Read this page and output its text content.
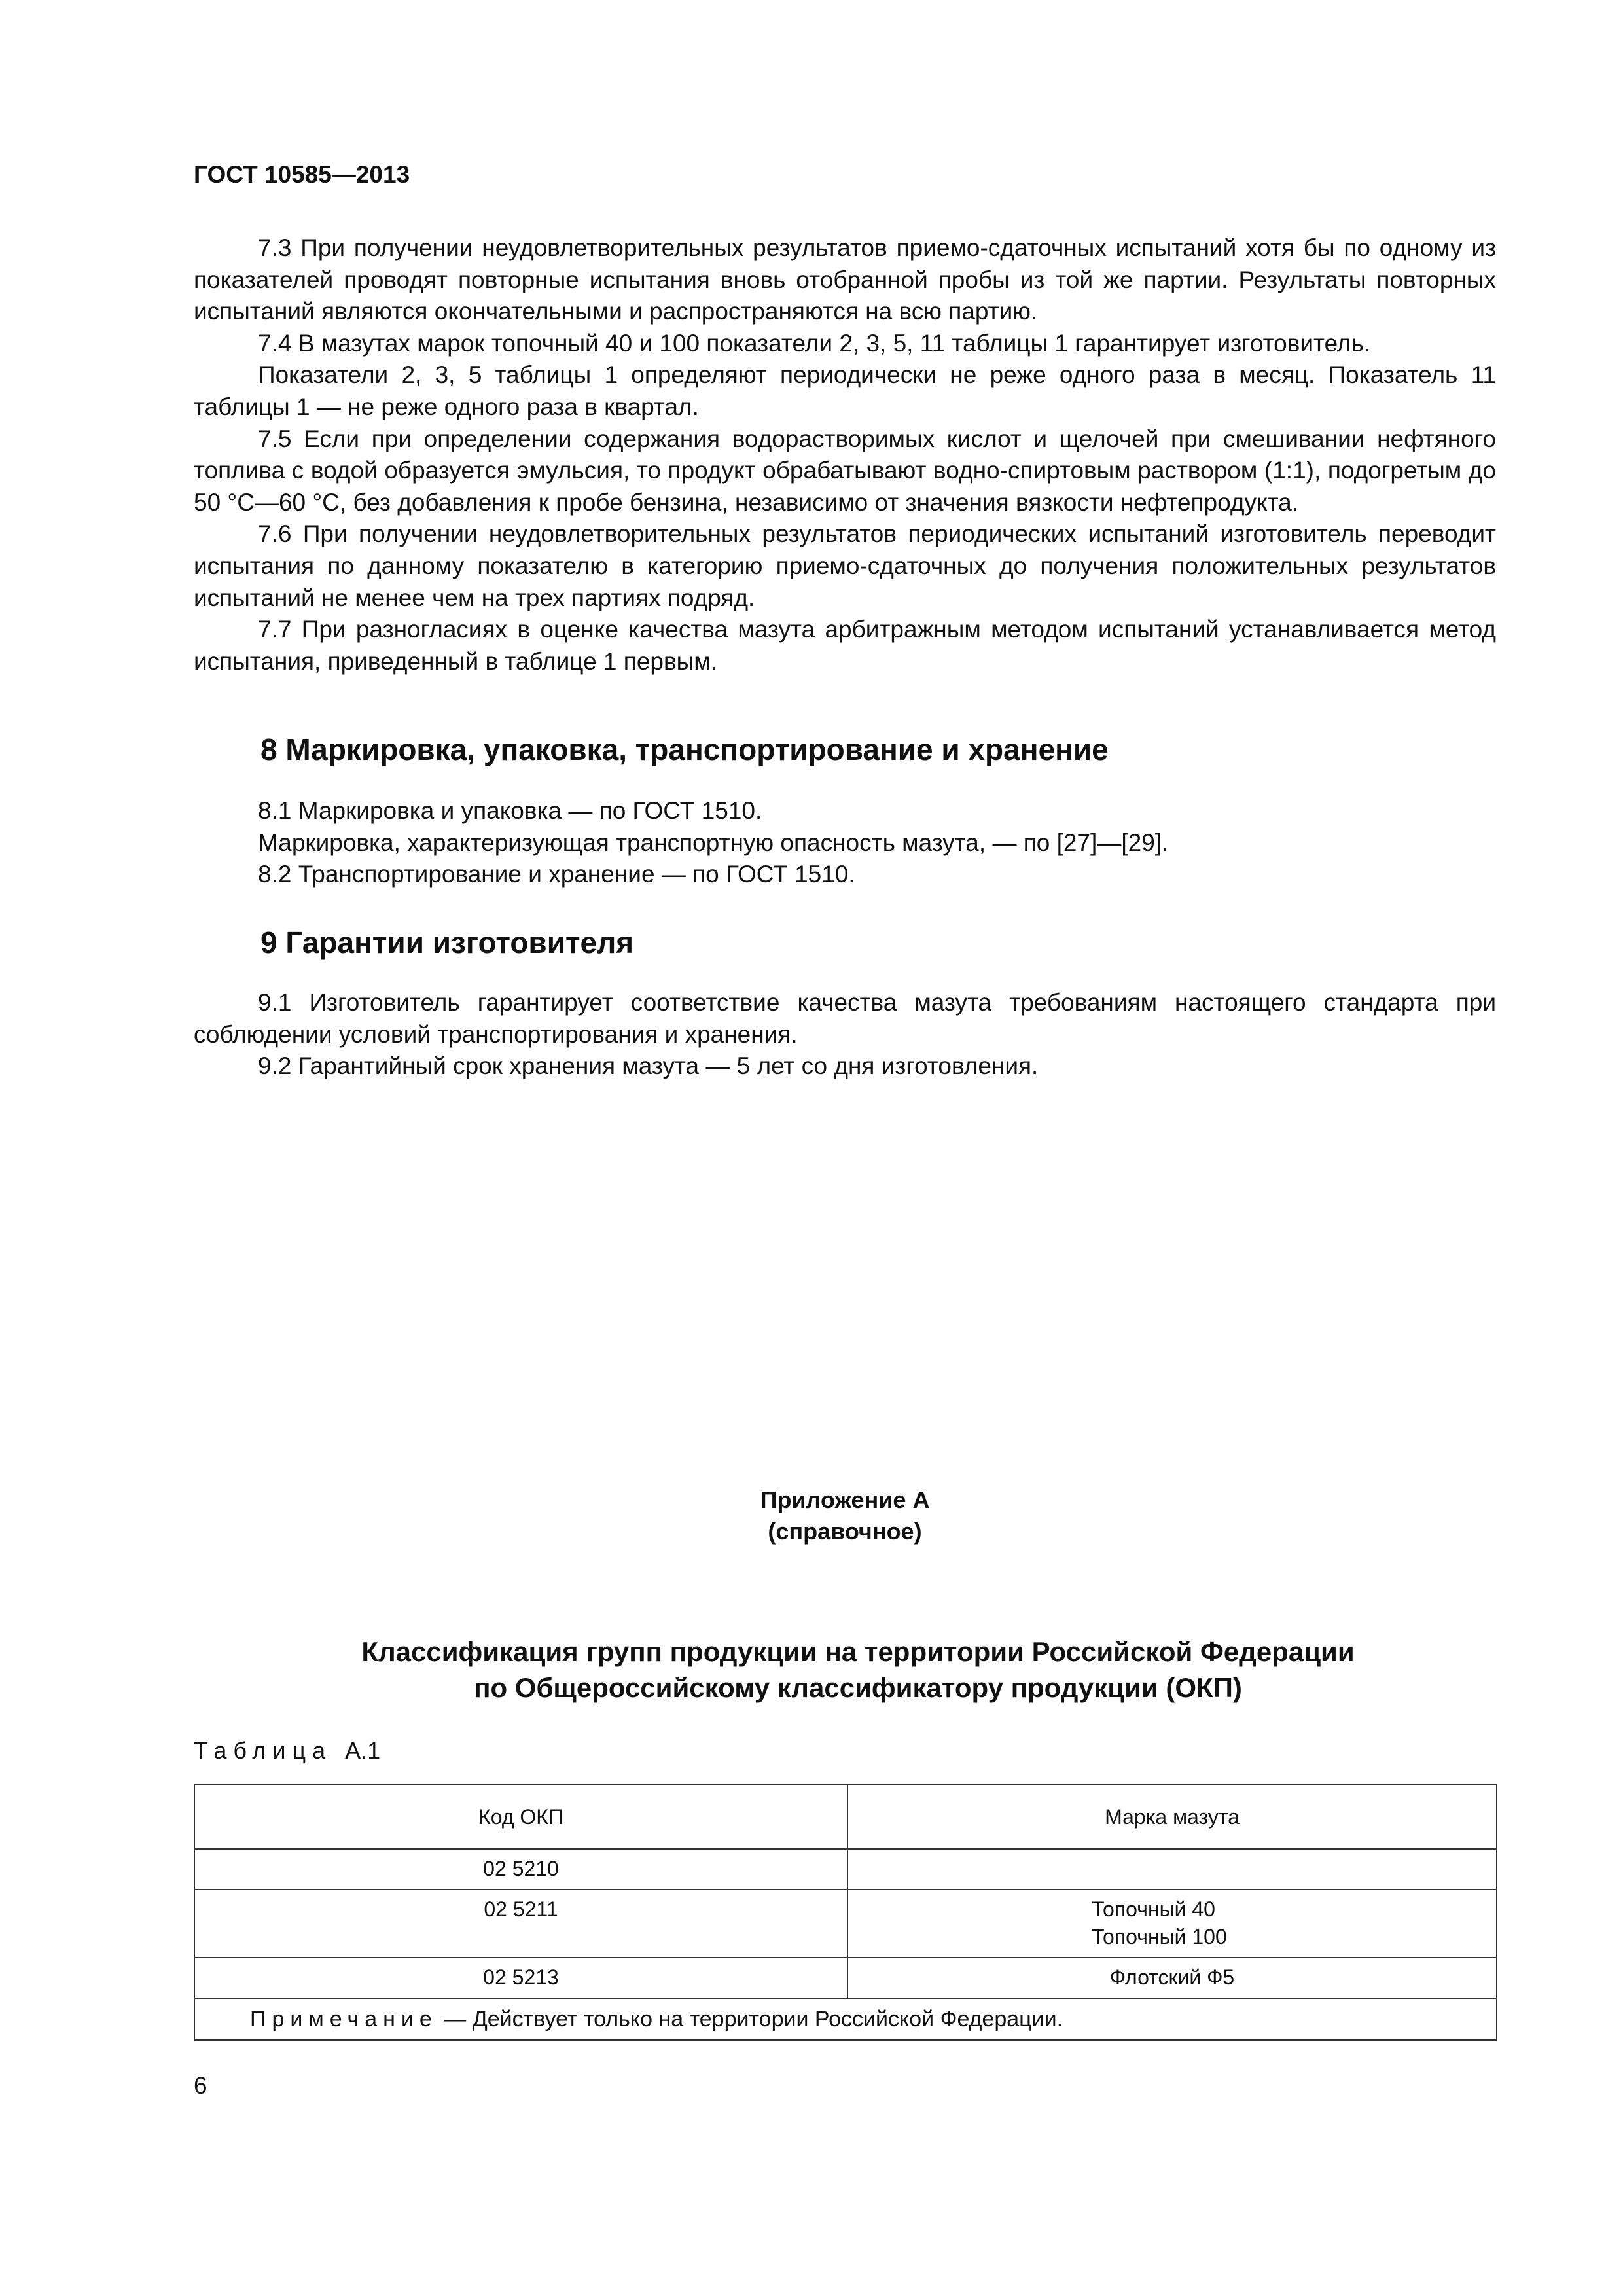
ГОСТ 10585—2013

7.3 При получении неудовлетворительных результатов приемо-сдаточных испытаний хотя бы по одному из показателей проводят повторные испытания вновь отобранной пробы из той же партии. Результаты повторных испытаний являются окончательными и распространяются на всю партию.

7.4 В мазутах марок топочный 40 и 100 показатели 2, 3, 5, 11 таблицы 1 гарантирует изготовитель.

Показатели 2, 3, 5 таблицы 1 определяют периодически не реже одного раза в месяц. Показатель 11 таблицы 1 — не реже одного раза в квартал.

7.5 Если при определении содержания водорастворимых кислот и щелочей при смешивании нефтяного топлива с водой образуется эмульсия, то продукт обрабатывают водно-спиртовым раствором (1:1), подогретым до 50 °С—60 °С, без добавления к пробе бензина, независимо от значения вязкости нефтепродукта.

7.6 При получении неудовлетворительных результатов периодических испытаний изготовитель переводит испытания по данному показателю в категорию приемо-сдаточных до получения положительных результатов испытаний не менее чем на трех партиях подряд.

7.7 При разногласиях в оценке качества мазута арбитражным методом испытаний устанавливается метод испытания, приведенный в таблице 1 первым.

8 Маркировка, упаковка, транспортирование и хранение

8.1 Маркировка и упаковка — по ГОСТ 1510.

Маркировка, характеризующая транспортную опасность мазута, — по [27]—[29].

8.2 Транспортирование и хранение — по ГОСТ 1510.

9 Гарантии изготовителя

9.1 Изготовитель гарантирует соответствие качества мазута требованиям настоящего стандарта при соблюдении условий транспортирования и хранения.

9.2 Гарантийный срок хранения мазута — 5 лет со дня изготовления.

Приложение А
(справочное)
Классификация групп продукции на территории Российской Федерации
по Общероссийскому классификатору продукции (ОКП)
Таблица А.1
Код ОКП	Марка мазута
02 5210	
02 5211	Топочный 40
Топочный 100

02 5213	Флотский Ф5
Примечание — Действует только на территории Российской Федерации.	
6
